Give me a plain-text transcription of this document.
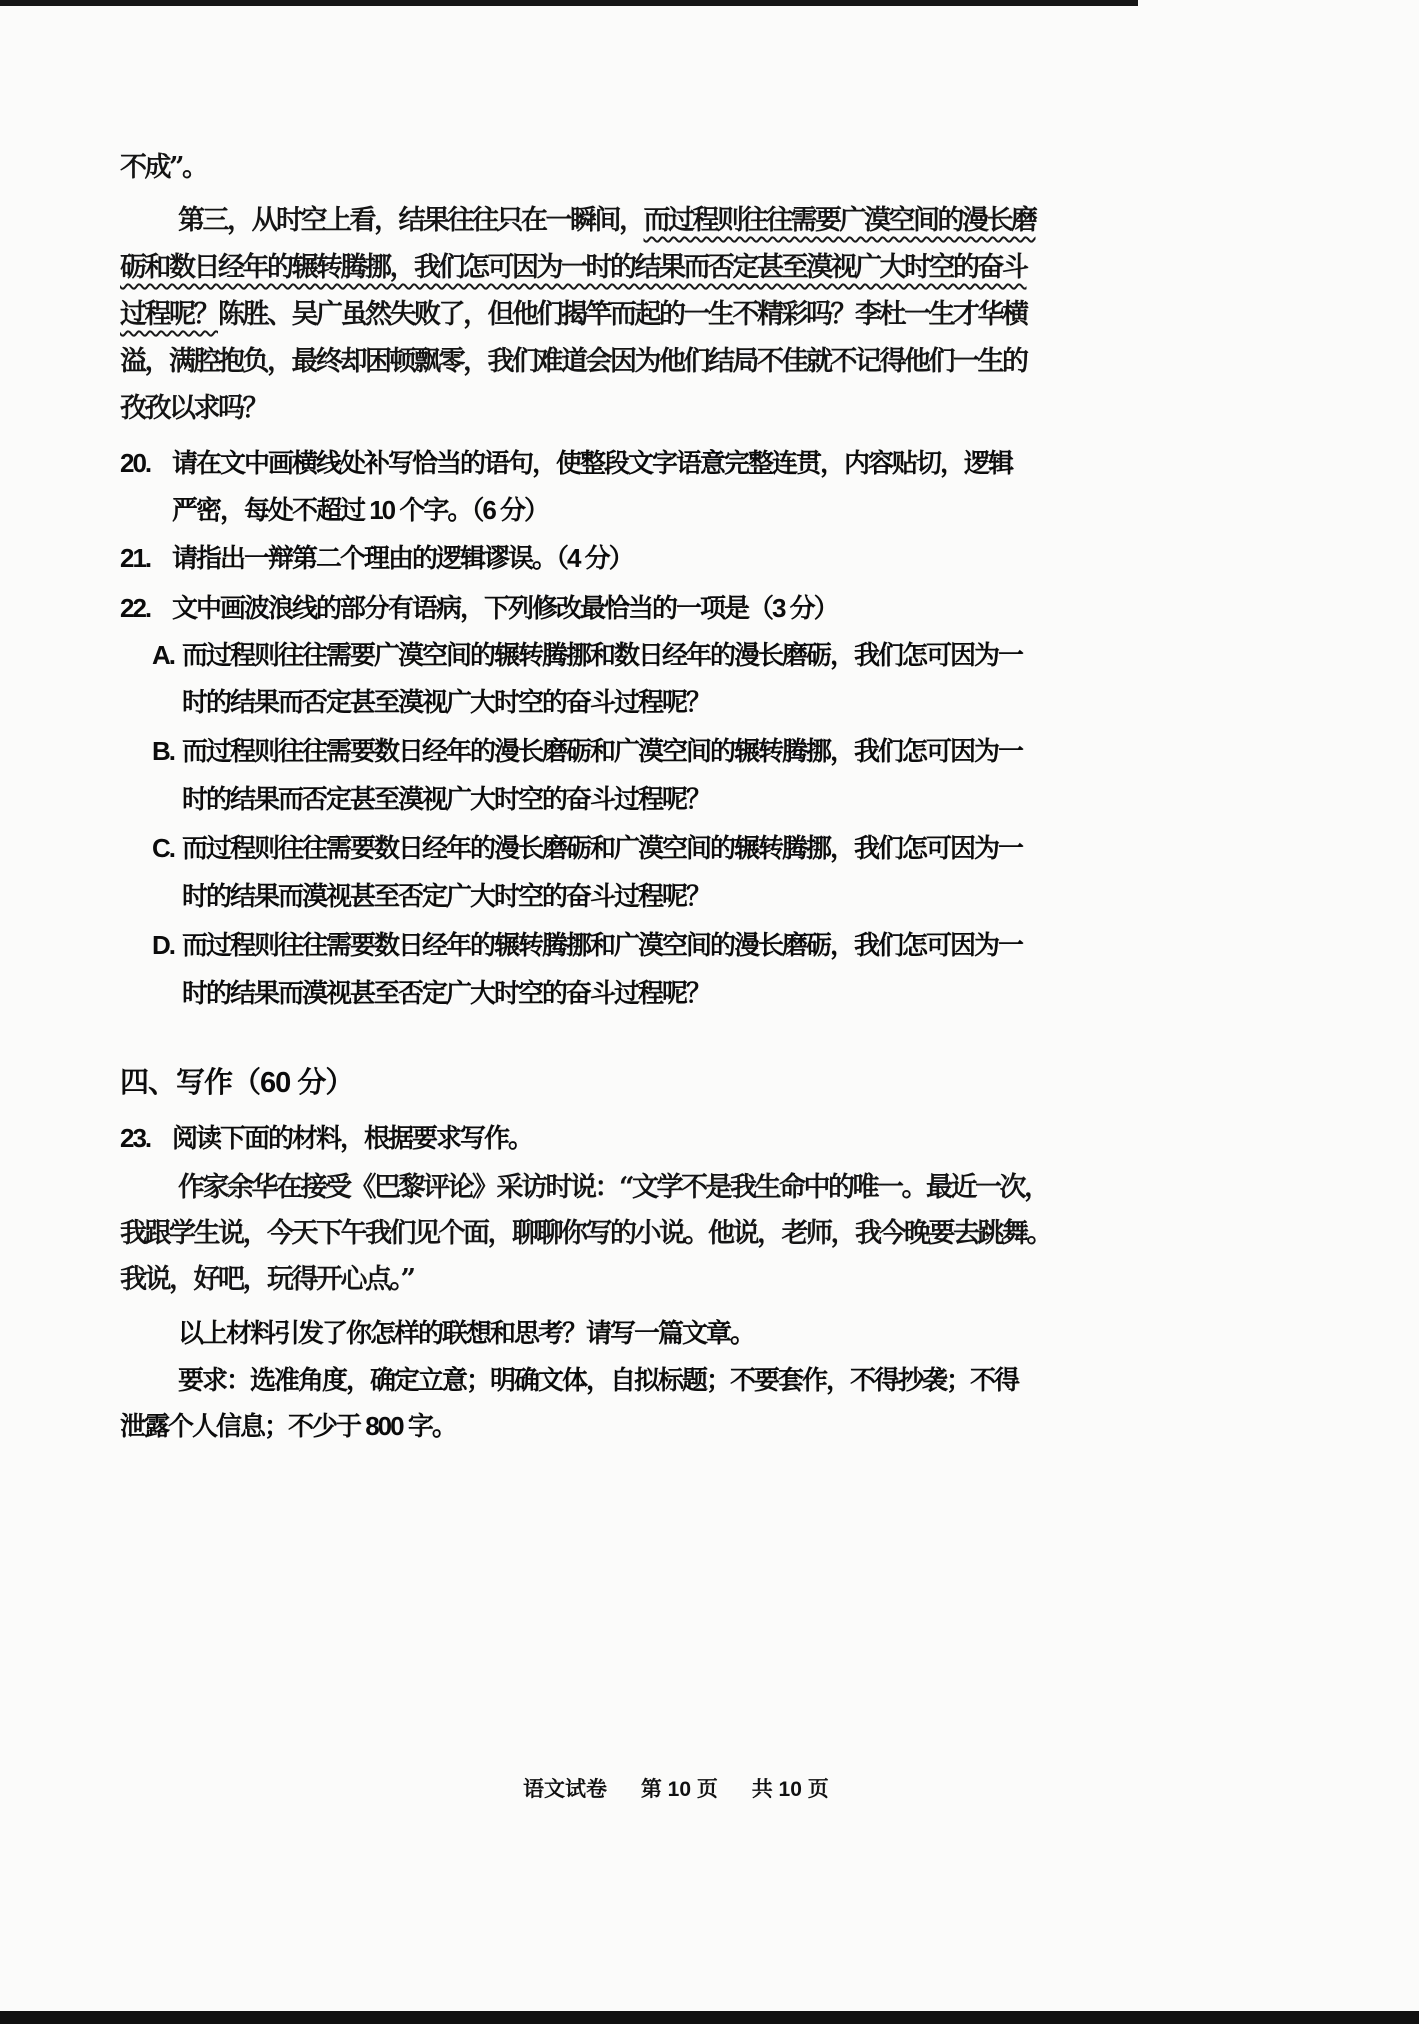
不成”。
第三，从时空上看，结果往往只在一瞬间，而过程则往往需要广漠空间的漫长磨
砺和数日经年的辗转腾挪，我们怎可因为一时的结果而否定甚至漠视广大时空的奋斗
过程呢？陈胜、吴广虽然失败了，但他们揭竿而起的一生不精彩吗？李杜一生才华横
溢，满腔抱负，最终却困顿飘零，我们难道会因为他们结局不佳就不记得他们一生的
孜孜以求吗？
20. 请在文中画横线处补写恰当的语句，使整段文字语意完整连贯，内容贴切，逻辑
严密，每处不超过 10 个字。（6 分）
21. 请指出一辩第二个理由的逻辑谬误。（4 分）
22. 文中画波浪线的部分有语病，下列修改最恰当的一项是（3 分）
A. 而过程则往往需要广漠空间的辗转腾挪和数日经年的漫长磨砺，我们怎可因为一
时的结果而否定甚至漠视广大时空的奋斗过程呢？
B. 而过程则往往需要数日经年的漫长磨砺和广漠空间的辗转腾挪，我们怎可因为一
时的结果而否定甚至漠视广大时空的奋斗过程呢？
C. 而过程则往往需要数日经年的漫长磨砺和广漠空间的辗转腾挪，我们怎可因为一
时的结果而漠视甚至否定广大时空的奋斗过程呢？
D. 而过程则往往需要数日经年的辗转腾挪和广漠空间的漫长磨砺，我们怎可因为一
时的结果而漠视甚至否定广大时空的奋斗过程呢？
四、写作（60 分）
23. 阅读下面的材料，根据要求写作。
作家余华在接受《巴黎评论》采访时说：“文学不是我生命中的唯一。最近一次，
我跟学生说，今天下午我们见个面，聊聊你写的小说。他说，老师，我今晚要去跳舞。
我说，好吧，玩得开心点。”
以上材料引发了你怎样的联想和思考？请写一篇文章。
要求：选准角度，确定立意；明确文体，自拟标题；不要套作，不得抄袭；不得
泄露个人信息；不少于 800 字。
语文试卷 第 10 页 共 10 页
